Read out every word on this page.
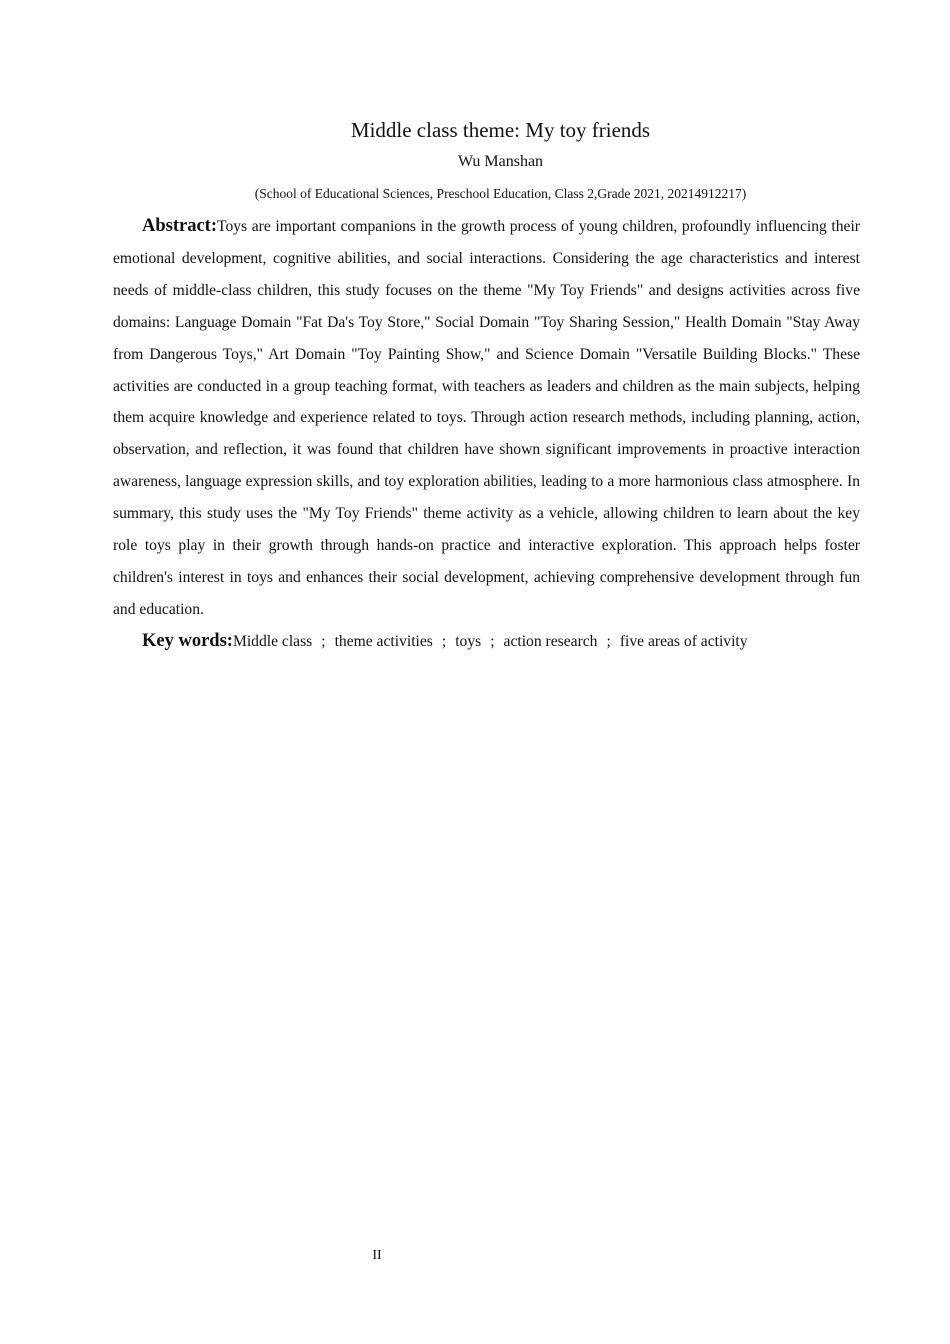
Middle class theme: My toy friends
Wu Manshan
(School of Educational Sciences, Preschool Education, Class 2,Grade 2021, 20214912217)

Abstract:Toys are important companions in the growth process of young children, profoundly influencing their emotional development, cognitive abilities, and social interactions. Considering the age characteristics and interest needs of middle-class children, this study focuses on the theme "My Toy Friends" and designs activities across five domains: Language Domain "Fat Da's Toy Store," Social Domain "Toy Sharing Session," Health Domain "Stay Away from Dangerous Toys," Art Domain "Toy Painting Show," and Science Domain "Versatile Building Blocks." These activities are conducted in a group teaching format, with teachers as leaders and children as the main subjects, helping them acquire knowledge and experience related to toys. Through action research methods, including planning, action, observation, and reflection, it was found that children have shown significant improvements in proactive interaction awareness, language expression skills, and toy exploration abilities, leading to a more harmonious class atmosphere. In summary, this study uses the "My Toy Friends" theme activity as a vehicle, allowing children to learn about the key role toys play in their growth through hands-on practice and interactive exploration. This approach helps foster children's interest in toys and enhances their social development, achieving comprehensive development through fun and education.

Key words:Middle class ; theme activities ; toys ; action research ; five areas of activity
II
